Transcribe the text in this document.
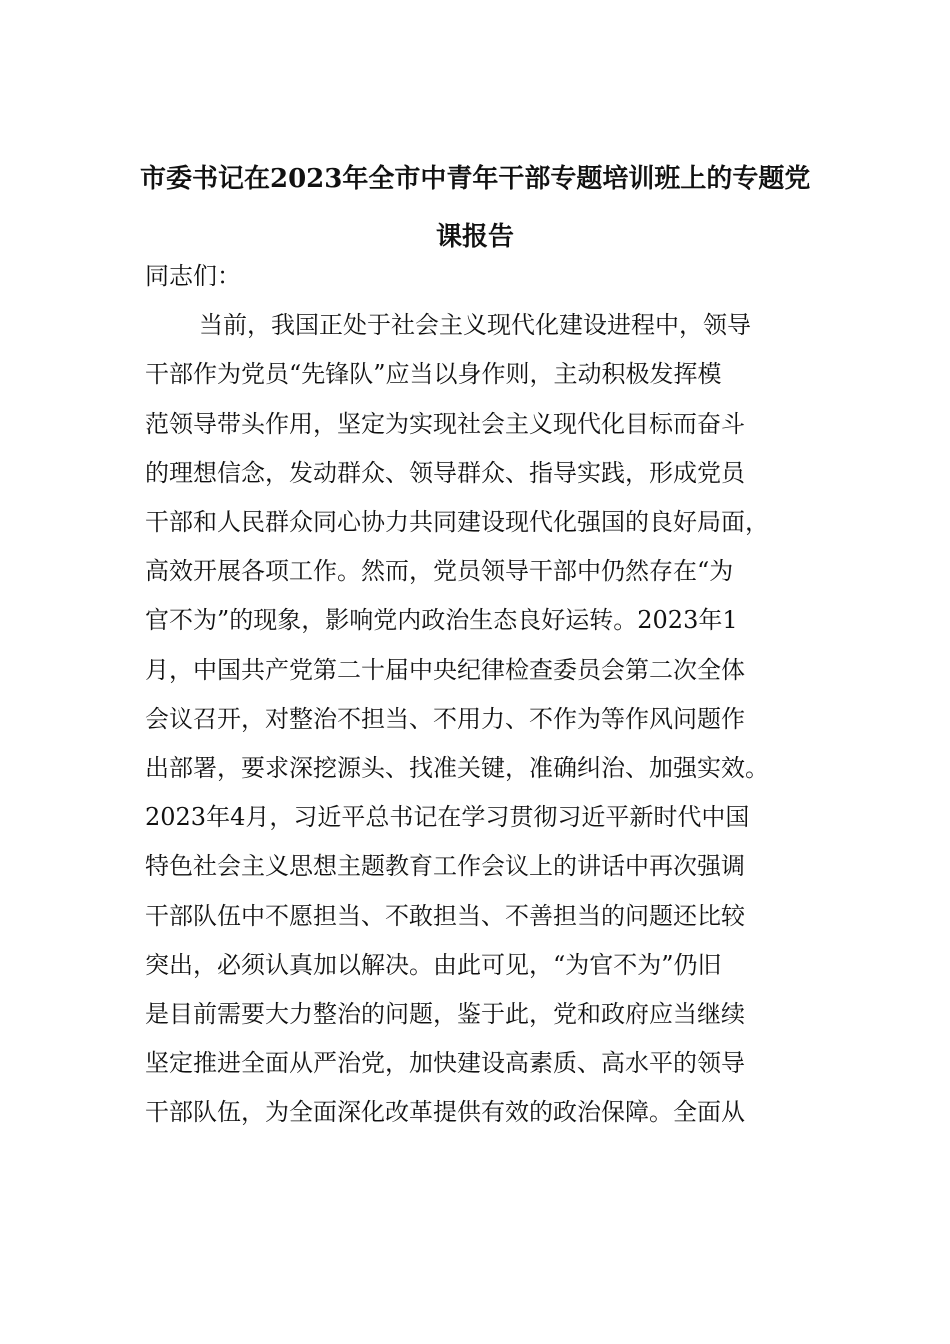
市委书记在2023年全市中青年干部专题培训班上的专题党
课报告
同志们：
当前，我国正处于社会主义现代化建设进程中，领导
干部作为党员“先锋队”应当以身作则，主动积极发挥模
范领导带头作用，坚定为实现社会主义现代化目标而奋斗
的理想信念，发动群众、领导群众、指导实践，形成党员
干部和人民群众同心协力共同建设现代化强国的良好局面，
高效开展各项工作。然而，党员领导干部中仍然存在“为
官不为”的现象，影响党内政治生态良好运转。2023年1
月，中国共产党第二十届中央纪律检查委员会第二次全体
会议召开，对整治不担当、不用力、不作为等作风问题作
出部署，要求深挖源头、找准关键，准确纠治、加强实效。
2023年4月，习近平总书记在学习贯彻习近平新时代中国
特色社会主义思想主题教育工作会议上的讲话中再次强调
干部队伍中不愿担当、不敢担当、不善担当的问题还比较
突出，必须认真加以解决。由此可见，“为官不为”仍旧
是目前需要大力整治的问题，鉴于此，党和政府应当继续
坚定推进全面从严治党，加快建设高素质、高水平的领导
干部队伍，为全面深化改革提供有效的政治保障。全面从
